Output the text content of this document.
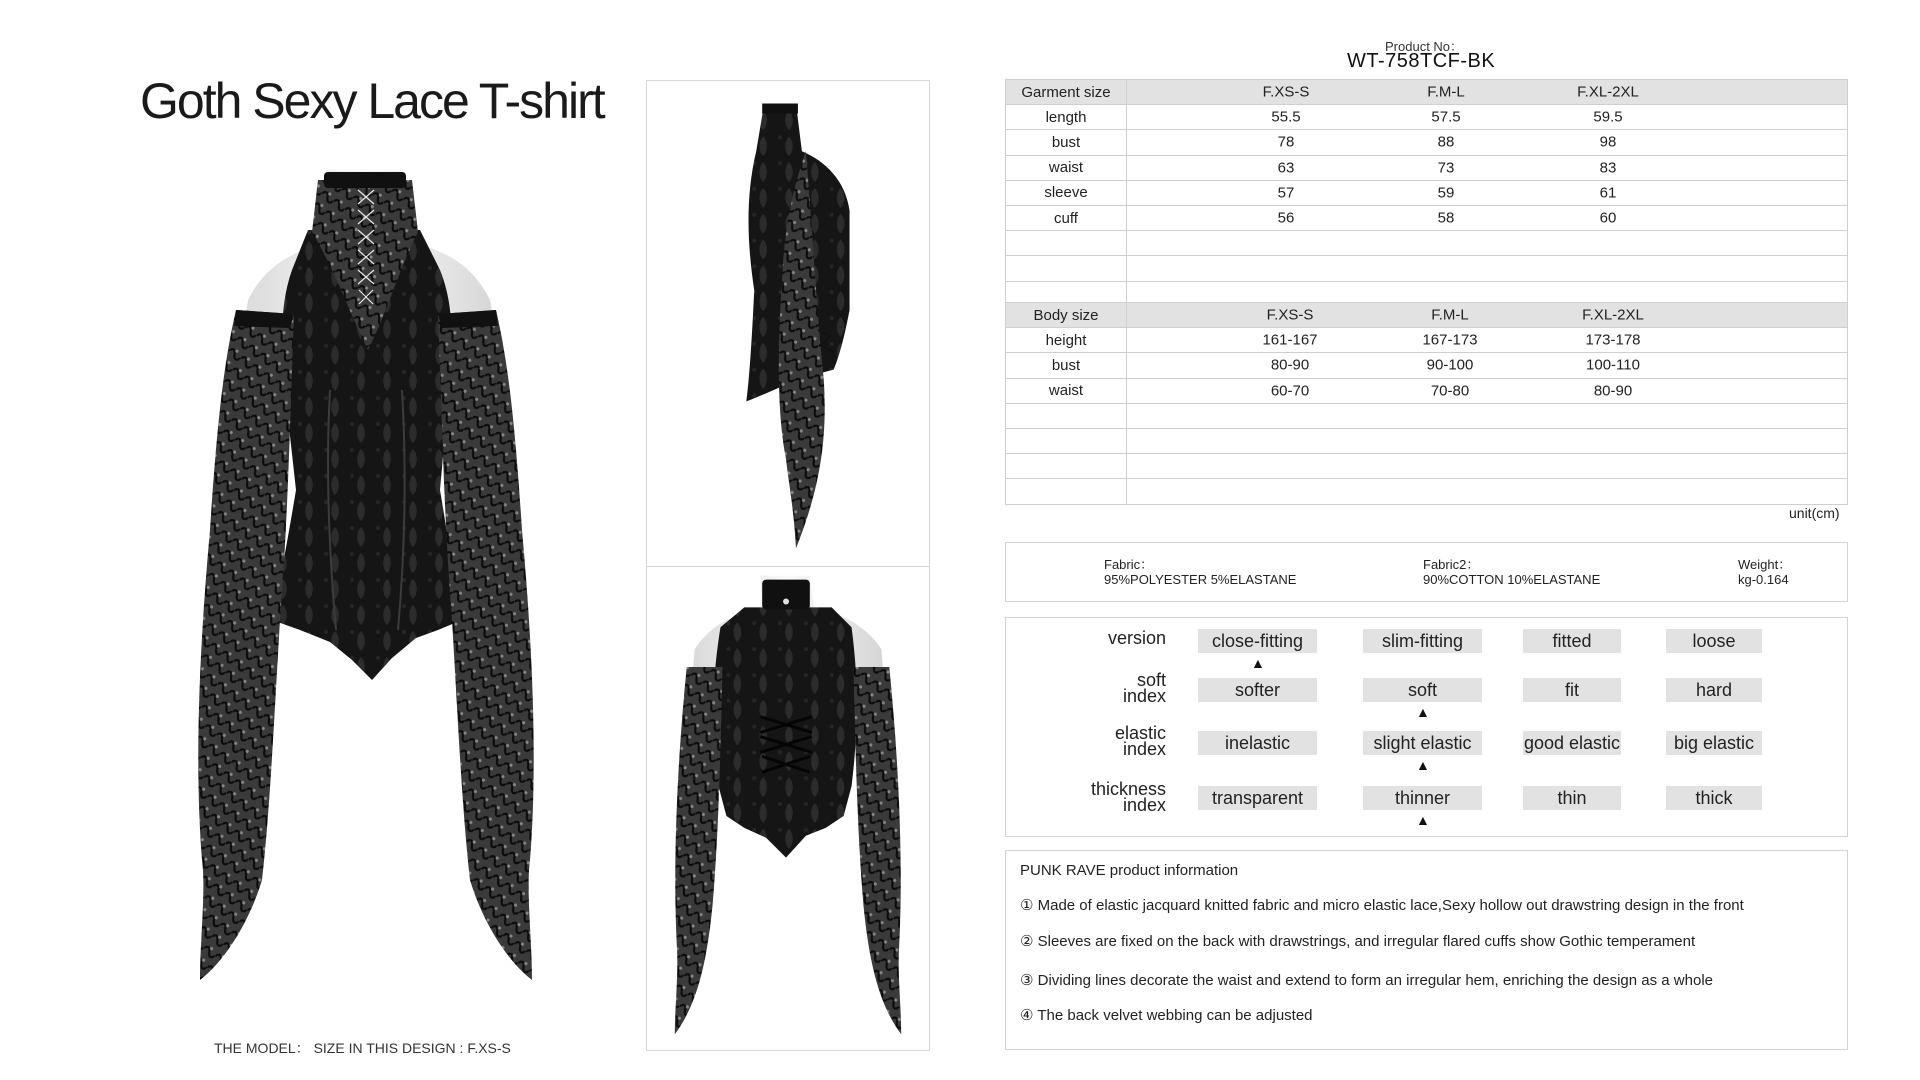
Goth Sexy Lace T-shirt
THE MODEL： SIZE IN THIS DESIGN : F.XS-S
Product No：
WT-758TCF-BK
Garment size	F.XS-S F.M-L F.XL-2XL

length	55.5 57.5 59.5

bust	78 88 98

waist	63 73 83

sleeve	57 59 61

cuff	56 58 60

Body size	F.XS-S F.M-L F.XL-2XL

height	161-167 167-173 173-178

bust	80-90 90-100 100-110

waist	60-70 70-80 80-90

unit(cm)
Fabric：
95%POLYESTER 5%ELASTANE
Fabric2：
90%COTTON 10%ELASTANE
Weight：
kg-0.164
version	close-fitting	slim-fitting	fitted	loose
▲
soft
index	softer	soft	fit	hard
▲
elastic
index	inelastic	slight elastic	good elastic	big elastic
▲
thickness
index	transparent	thinner	thin	thick
▲
PUNK RAVE product information
① Made of elastic jacquard knitted fabric and micro elastic lace,Sexy hollow out drawstring design in the front
② Sleeves are fixed on the back with drawstrings, and irregular flared cuffs show Gothic temperament
③ Dividing lines decorate the waist and extend to form an irregular hem, enriching the design as a whole
④ The back velvet webbing can be adjusted
